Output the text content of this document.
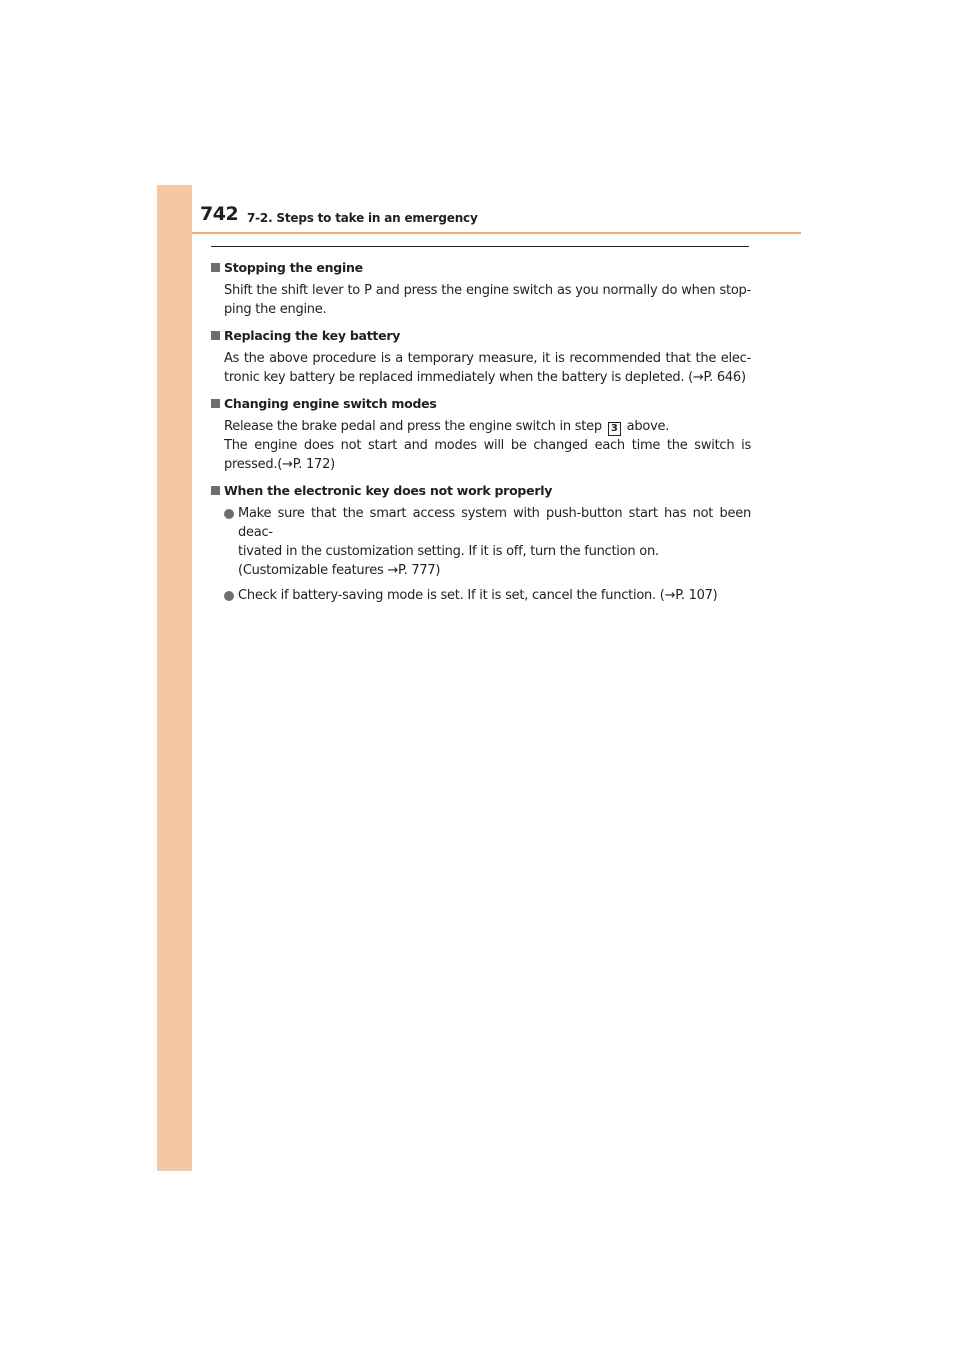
742 7-2. Steps to take in an emergency
Stopping the engine

Shift the shift lever to P and press the engine switch as you normally do when stop-

ping the engine.

Replacing the key battery

As the above procedure is a temporary measure, it is recommended that the elec-

tronic key battery be replaced immediately when the battery is depleted. (→P. 646)

Changing engine switch modes

Release the brake pedal and press the engine switch in step 3 above.

The engine does not start and modes will be changed each time the switch is

pressed.(→P. 172)

When the electronic key does not work properly
Make sure that the smart access system with push-button start has not been deac-
tivated in the customization setting. If it is off, turn the function on.
(Customizable features →P. 777)
Check if battery-saving mode is set. If it is set, cancel the function. (→P. 107)
